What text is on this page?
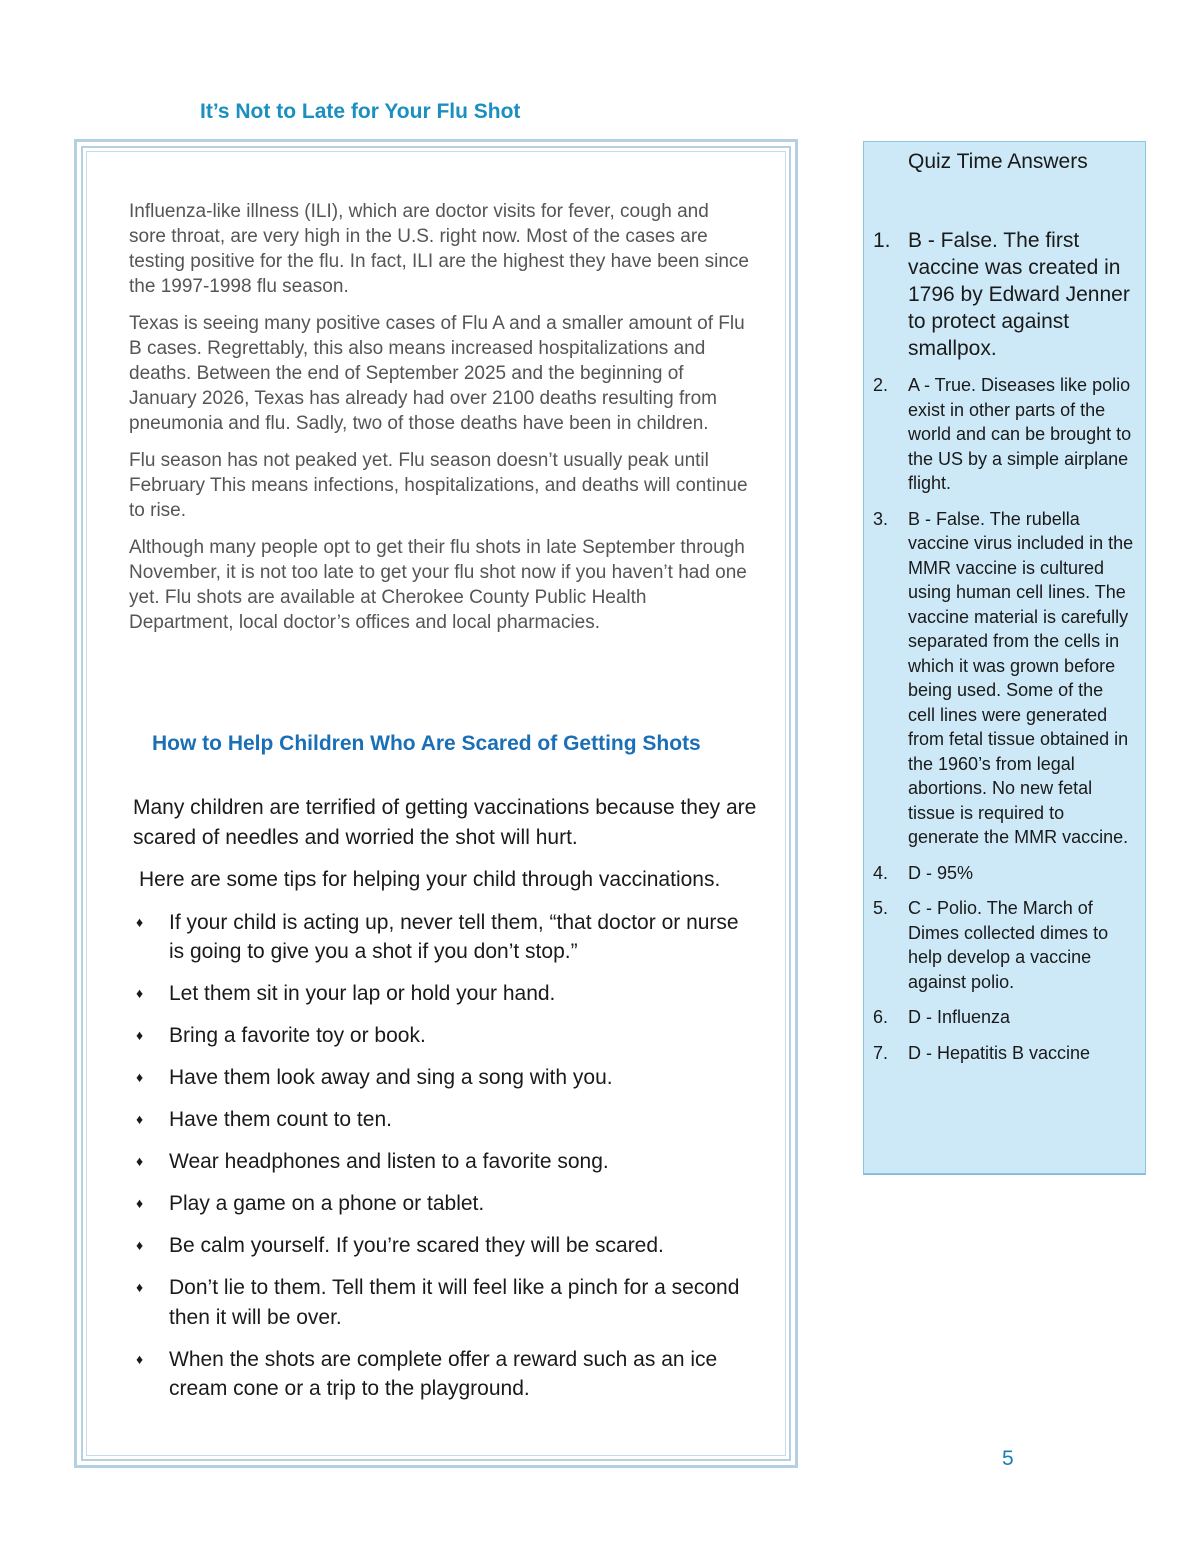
It’s Not to Late for Your Flu Shot

Influenza-like illness (ILI), which are doctor visits for fever, cough and sore throat, are very high in the U.S. right now. Most of the cases are testing positive for the flu. In fact, ILI are the highest they have been since the 1997-1998 flu season.

Texas is seeing many positive cases of Flu A and a smaller amount of Flu B cases. Regrettably, this also means increased hospitalizations and deaths. Between the end of September 2025 and the beginning of January 2026, Texas has already had over 2100 deaths resulting from pneumonia and flu. Sadly, two of those deaths have been in children.

Flu season has not peaked yet. Flu season doesn’t usually peak until February This means infections, hospitalizations, and deaths will continue to rise.

Although many people opt to get their flu shots in late September through November, it is not too late to get your flu shot now if you haven’t had one yet. Flu shots are available at Cherokee County Public Health Department, local doctor’s offices and local pharmacies.

How to Help Children Who Are Scared of Getting Shots

Many children are terrified of getting vaccinations because they are scared of needles and worried the shot will hurt.

Here are some tips for helping your child through vaccinations.

♦ If your child is acting up, never tell them, “that doctor or nurse is going to give you a shot if you don’t stop.”
♦ Let them sit in your lap or hold your hand.
♦ Bring a favorite toy or book.
♦ Have them look away and sing a song with you.
♦ Have them count to ten.
♦ Wear headphones and listen to a favorite song.
♦ Play a game on a phone or tablet.
♦ Be calm yourself. If you’re scared they will be scared.
♦ Don’t lie to them. Tell them it will feel like a pinch for a second then it will be over.
♦ When the shots are complete offer a reward such as an ice cream cone or a trip to the playground.
Quiz Time Answers
1. B - False. The first vaccine was created in 1796 by Edward Jenner to protect against smallpox.
2. A - True. Diseases like polio exist in other parts of the world and can be brought to the US by a simple airplane flight.
3. B - False. The rubella vaccine virus included in the MMR vaccine is cultured using human cell lines. The vaccine material is carefully separated from the cells in which it was grown before being used. Some of the cell lines were generated from fetal tissue obtained in the 1960’s from legal abortions. No new fetal tissue is required to generate the MMR vaccine.
4. D - 95%
5. C - Polio. The March of Dimes collected dimes to help develop a vaccine against polio.
6. D - Influenza
7. D - Hepatitis B vaccine
5
